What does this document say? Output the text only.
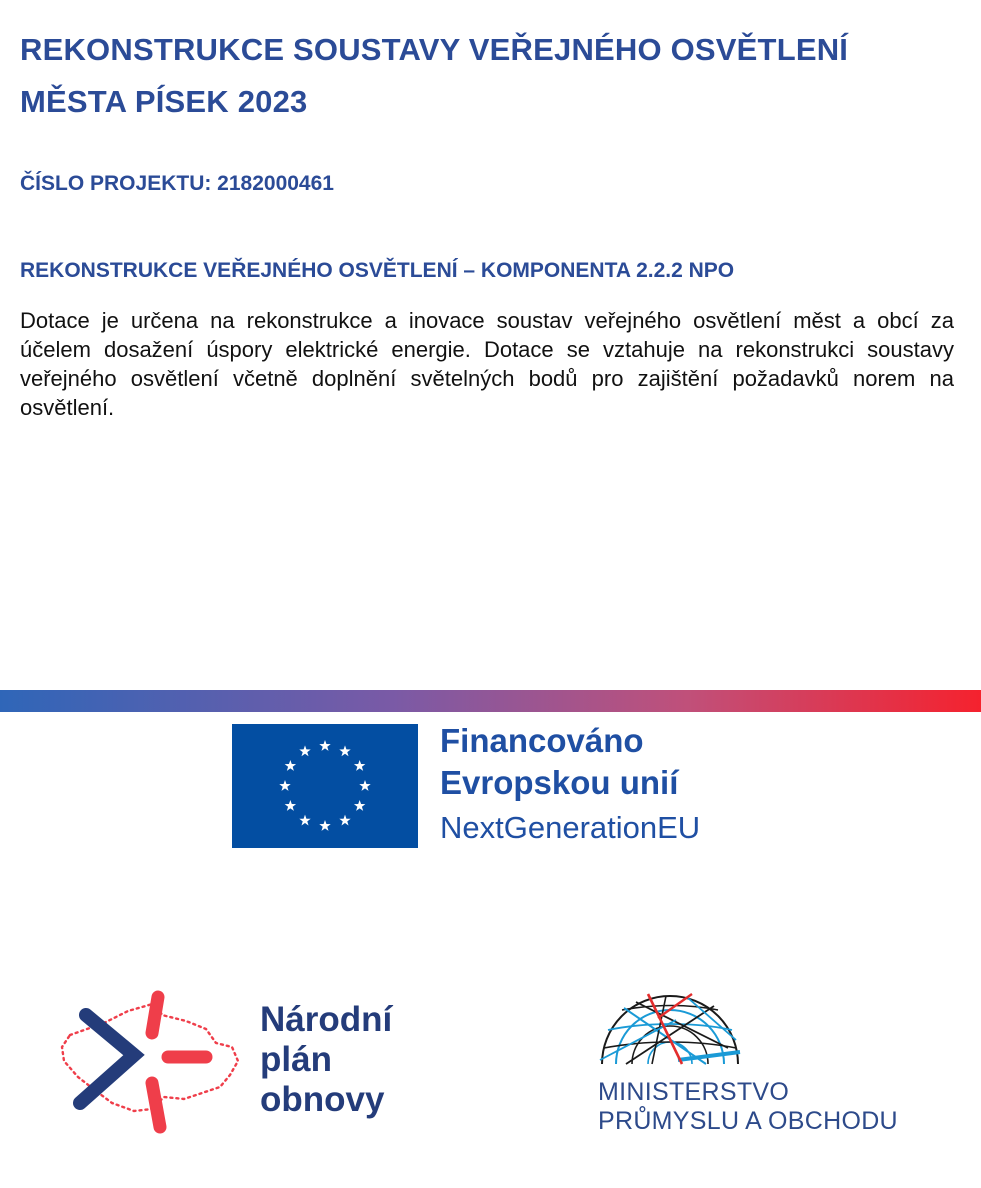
REKONSTRUKCE SOUSTAVY VEŘEJNÉHO OSVĚTLENÍ MĚSTA PÍSEK 2023
ČÍSLO PROJEKTU: 2182000461
REKONSTRUKCE VEŘEJNÉHO OSVĚTLENÍ – KOMPONENTA 2.2.2 NPO

Dotace je určena na rekonstrukce a inovace soustav veřejného osvětlení měst a obcí za účelem dosažení úspory elektrické energie. Dotace se vztahuje na rekonstrukci soustavy veřejného osvětlení včetně doplnění světelných bodů pro zajištění požadavků norem na osvětlení.

Financováno
Evropskou unií
NextGenerationEU
Národní
plán
obnovy	MINISTERSTVO
PRŮMYSLU A OBCHODU
